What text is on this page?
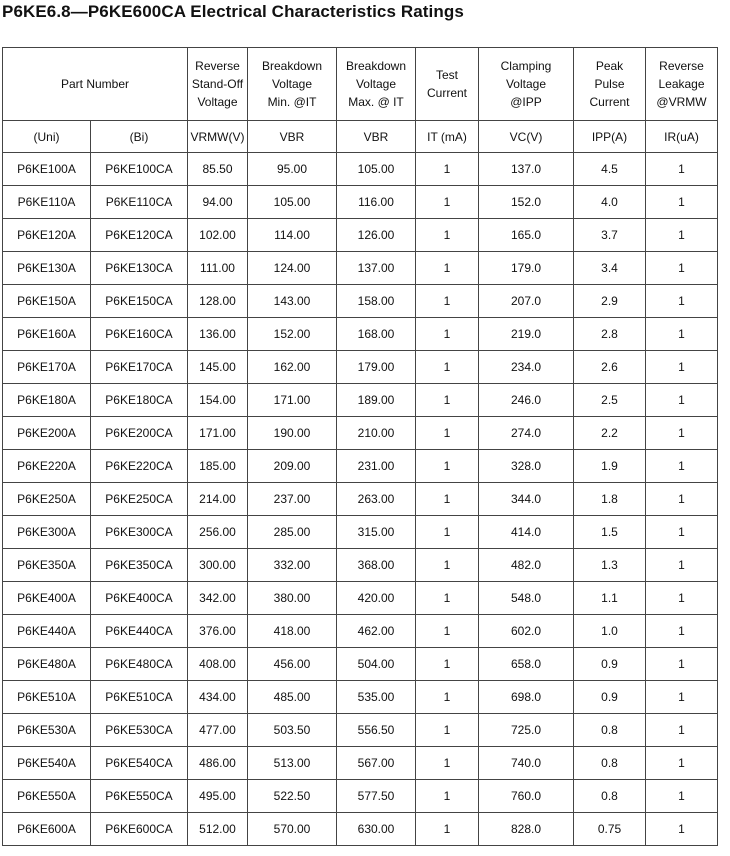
P6KE6.8—P6KE600CA Electrical Characteristics Ratings
Part Number		Reverse
Stand-Off
Voltage	Breakdown
Voltage
Min. @IT	Breakdown
Voltage
Max. @ IT	Test
Current	Clamping
Voltage
@IPP	Peak
Pulse
Current	Reverse
Leakage
@VRMW

(Uni)	(Bi)	VRMW(V)	VBR	VBR	IT (mA)	VC(V)	IPP(A)	IR(uA)
P6KE100A	P6KE100CA	85.50	95.00	105.00	1	137.0	4.5	1
P6KE110A	P6KE110CA	94.00	105.00	116.00	1	152.0	4.0	1
P6KE120A	P6KE120CA	102.00	114.00	126.00	1	165.0	3.7	1
P6KE130A	P6KE130CA	111.00	124.00	137.00	1	179.0	3.4	1
P6KE150A	P6KE150CA	128.00	143.00	158.00	1	207.0	2.9	1
P6KE160A	P6KE160CA	136.00	152.00	168.00	1	219.0	2.8	1
P6KE170A	P6KE170CA	145.00	162.00	179.00	1	234.0	2.6	1
P6KE180A	P6KE180CA	154.00	171.00	189.00	1	246.0	2.5	1
P6KE200A	P6KE200CA	171.00	190.00	210.00	1	274.0	2.2	1
P6KE220A	P6KE220CA	185.00	209.00	231.00	1	328.0	1.9	1
P6KE250A	P6KE250CA	214.00	237.00	263.00	1	344.0	1.8	1
P6KE300A	P6KE300CA	256.00	285.00	315.00	1	414.0	1.5	1
P6KE350A	P6KE350CA	300.00	332.00	368.00	1	482.0	1.3	1
P6KE400A	P6KE400CA	342.00	380.00	420.00	1	548.0	1.1	1
P6KE440A	P6KE440CA	376.00	418.00	462.00	1	602.0	1.0	1
P6KE480A	P6KE480CA	408.00	456.00	504.00	1	658.0	0.9	1
P6KE510A	P6KE510CA	434.00	485.00	535.00	1	698.0	0.9	1
P6KE530A	P6KE530CA	477.00	503.50	556.50	1	725.0	0.8	1
P6KE540A	P6KE540CA	486.00	513.00	567.00	1	740.0	0.8	1
P6KE550A	P6KE550CA	495.00	522.50	577.50	1	760.0	0.8	1
P6KE600A	P6KE600CA	512.00	570.00	630.00	1	828.0	0.75	1
